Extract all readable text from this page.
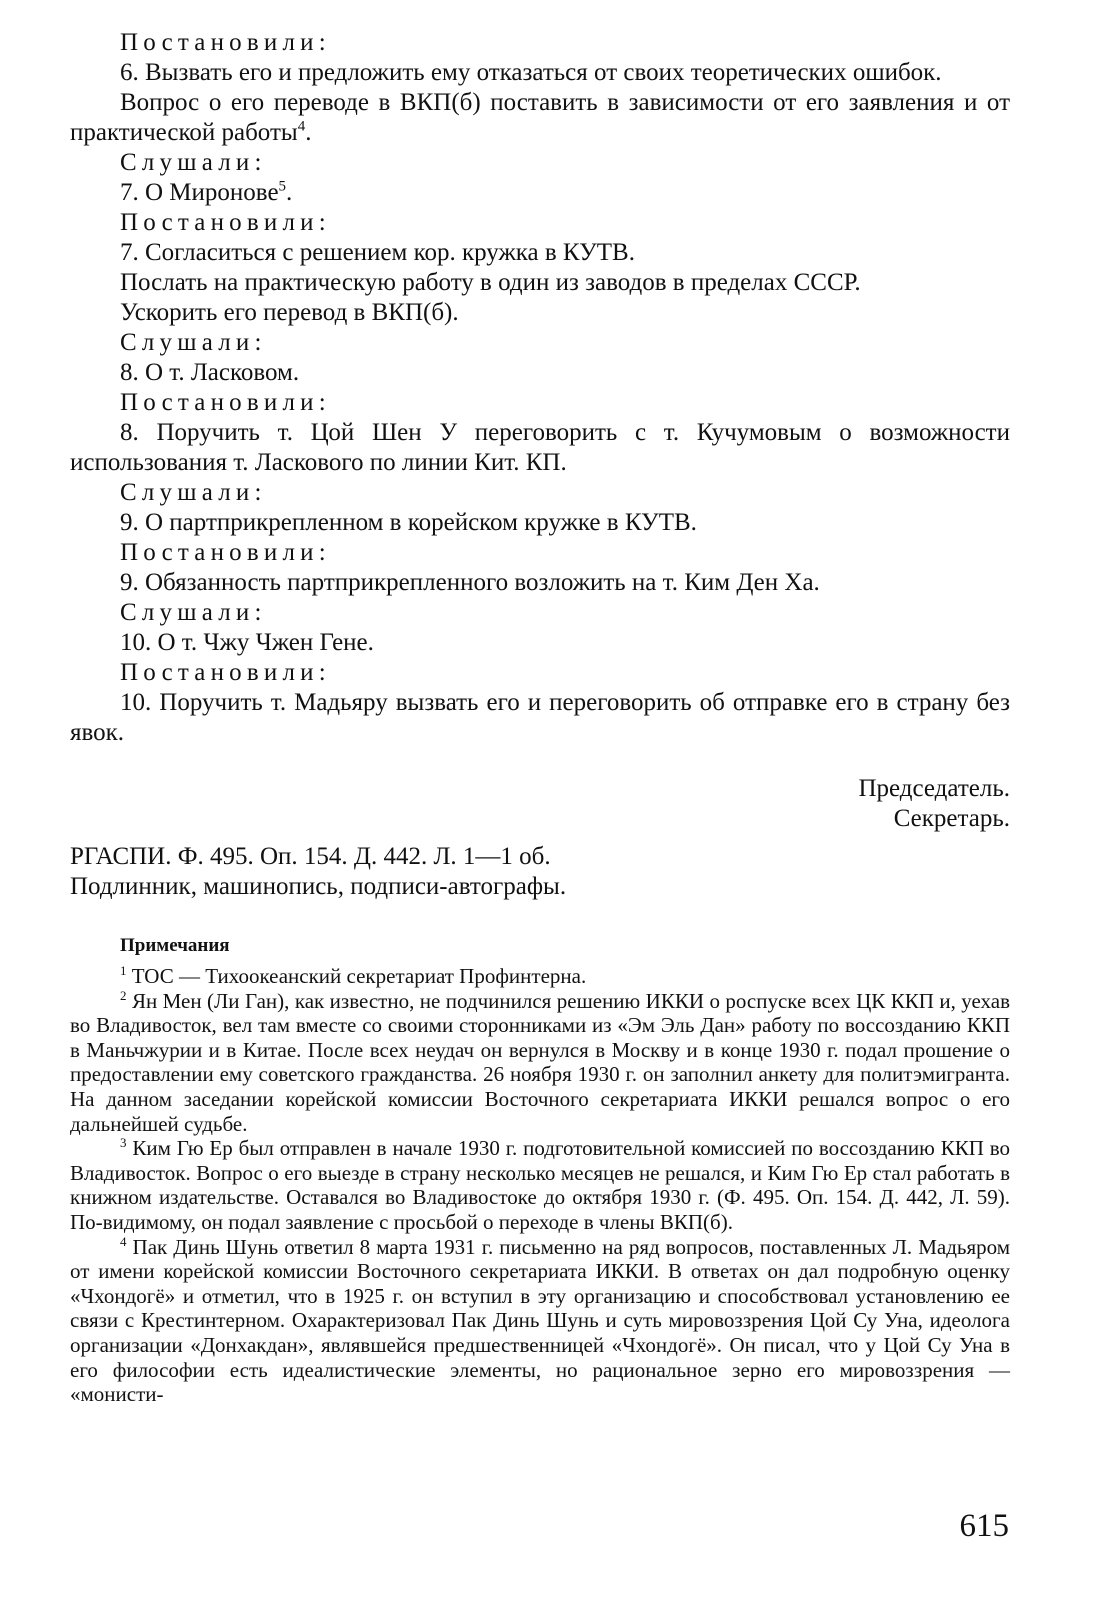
Постановили:
6. Вызвать его и предложить ему отказаться от своих теоретических ошибок.
Вопрос о его переводе в ВКП(б) поставить в зависимости от его заявления и от практической работы$^4$.
Слушали:
7. О Миронове$^5$.
Постановили:
7. Согласиться с решением кор. кружка в КУТВ.
Послать на практическую работу в один из заводов в пределах СССР.
Ускорить его перевод в ВКП(б).
Слушали:
8. О т. Ласковом.
Постановили:
8. Поручить т. Цой Шен У переговорить с т. Кучумовым о возможности использования т. Ласкового по линии Кит. КП.
Слушали:
9. О партприкрепленном в корейском кружке в КУТВ.
Постановили:
9. Обязанность партприкрепленного возложить на т. Ким Ден Ха.
Слушали:
10. О т. Чжу Чжен Гене.
Постановили:
10. Поручить т. Мадьяру вызвать его и переговорить об отправке его в страну без явок.
Председатель.
Секретарь.
РГАСПИ. Ф. 495. Оп. 154. Д. 442. Л. 1—1 об.
Подлинник, машинопись, подписи-автографы.
Примечания

$^1$ ТОС — Тихоокеанский секретариат Профинтерна.

$^2$ Ян Мен (Ли Ган), как известно, не подчинился решению ИККИ о роспуске всех ЦК ККП и, уехав во Владивосток, вел там вместе со своими сторонниками из «Эм Эль Дан» работу по воссозданию ККП в Маньчжурии и в Китае. После всех неудач он вернулся в Москву и в конце 1930 г. подал прошение о предоставлении ему советского гражданства. 26 ноября 1930 г. он заполнил анкету для политэмигранта. На данном заседании корейской комиссии Восточного секретариата ИККИ решался вопрос о его дальнейшей судьбе.

$^3$ Ким Гю Ер был отправлен в начале 1930 г. подготовительной комиссией по воссозданию ККП во Владивосток. Вопрос о его выезде в страну несколько месяцев не решался, и Ким Гю Ер стал работать в книжном издательстве. Оставался во Владивостоке до октября 1930 г. (Ф. 495. Оп. 154. Д. 442, Л. 59). По-видимому, он подал заявление с просьбой о переходе в члены ВКП(б).

$^4$ Пак Динь Шунь ответил 8 марта 1931 г. письменно на ряд вопросов, поставленных Л. Мадьяром от имени корейской комиссии Восточного секретариата ИККИ. В ответах он дал подробную оценку «Чхондогё» и отметил, что в 1925 г. он вступил в эту организацию и способствовал установлению ее связи с Крестинтерном. Охарактеризовал Пак Динь Шунь и суть мировоззрения Цой Су Уна, идеолога организации «Донхакдан», являвшейся предшественницей «Чхондогё». Он писал, что у Цой Су Уна в его философии есть идеалистические элементы, но рациональное зерно его мировоззрения — «монисти-

615
